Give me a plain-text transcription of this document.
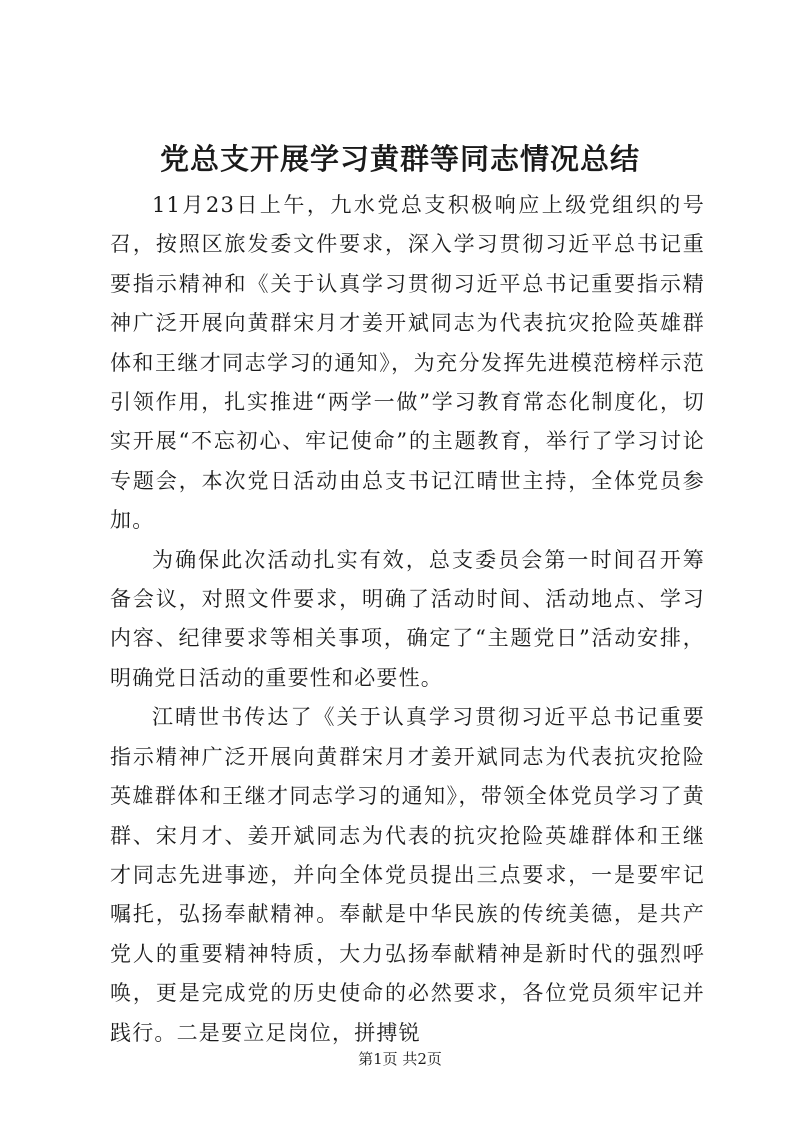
党总支开展学习黄群等同志情况总结

11月23日上午，九水党总支积极响应上级党组织的号召，按照区旅发委文件要求，深入学习贯彻习近平总书记重要指示精神和《关于认真学习贯彻习近平总书记重要指示精神广泛开展向黄群宋月才姜开斌同志为代表抗灾抢险英雄群体和王继才同志学习的通知》，为充分发挥先进模范榜样示范引领作用，扎实推进“两学一做”学习教育常态化制度化，切实开展“不忘初心、牢记使命”的主题教育，举行了学习讨论专题会，本次党日活动由总支书记江晴世主持，全体党员参加。

为确保此次活动扎实有效，总支委员会第一时间召开筹备会议，对照文件要求，明确了活动时间、活动地点、学习内容、纪律要求等相关事项，确定了“主题党日”活动安排，明确党日活动的重要性和必要性。

江晴世书传达了《关于认真学习贯彻习近平总书记重要指示精神广泛开展向黄群宋月才姜开斌同志为代表抗灾抢险英雄群体和王继才同志学习的通知》，带领全体党员学习了黄群、宋月才、姜开斌同志为代表的抗灾抢险英雄群体和王继才同志先进事迹，并向全体党员提出三点要求，一是要牢记嘱托，弘扬奉献精神。奉献是中华民族的传统美德，是共产党人的重要精神特质，大力弘扬奉献精神是新时代的强烈呼唤，更是完成党的历史使命的必然要求，各位党员须牢记并践行。二是要立足岗位，拼搏锐

第1页 共2页
